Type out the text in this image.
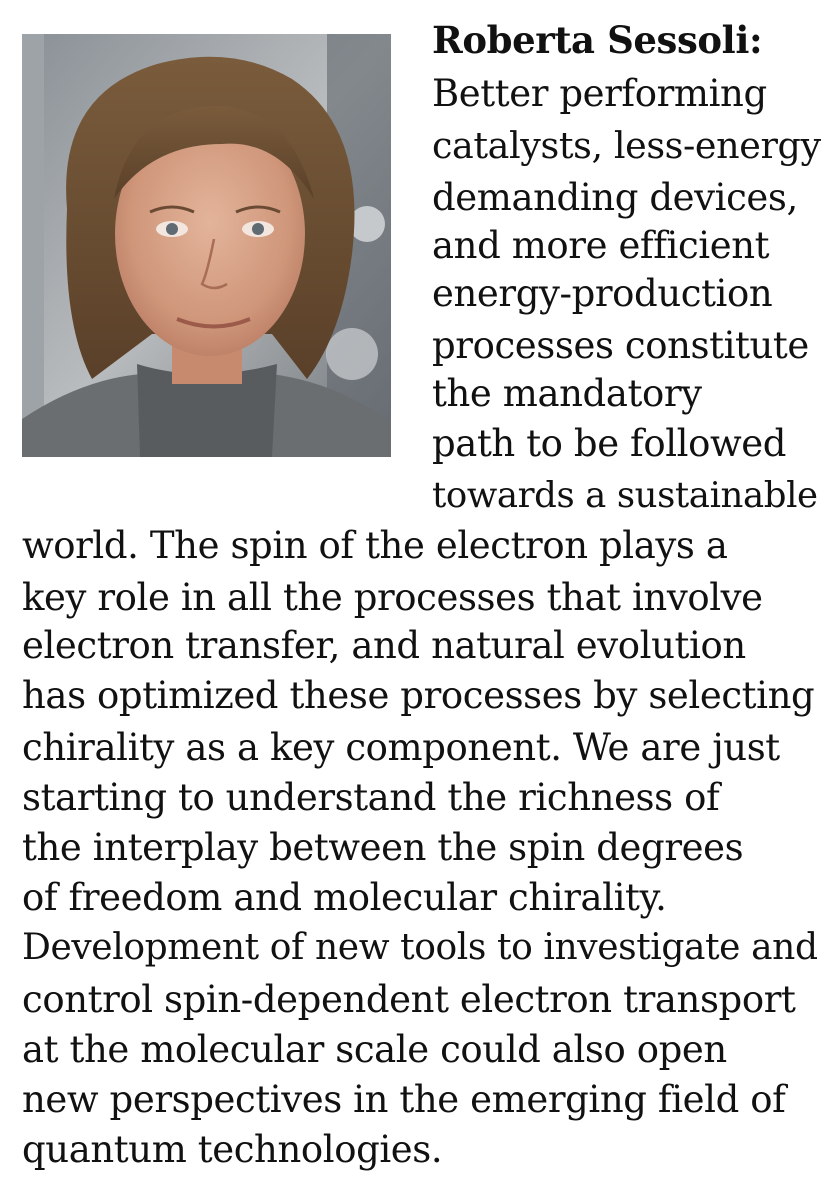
Roberta Sessoli:
Better performing
catalysts, less-energy
demanding devices,
and more efficient
energy-production
processes constitute
the mandatory
path to be followed
towards a sustainable
world. The spin of the electron plays a
key role in all the processes that involve
electron transfer, and natural evolution
has optimized these processes by selecting
chirality as a key component. We are just
starting to understand the richness of
the interplay between the spin degrees
of freedom and molecular chirality.
Development of new tools to investigate and
control spin-dependent electron transport
at the molecular scale could also open
new perspectives in the emerging field of
quantum technologies.
